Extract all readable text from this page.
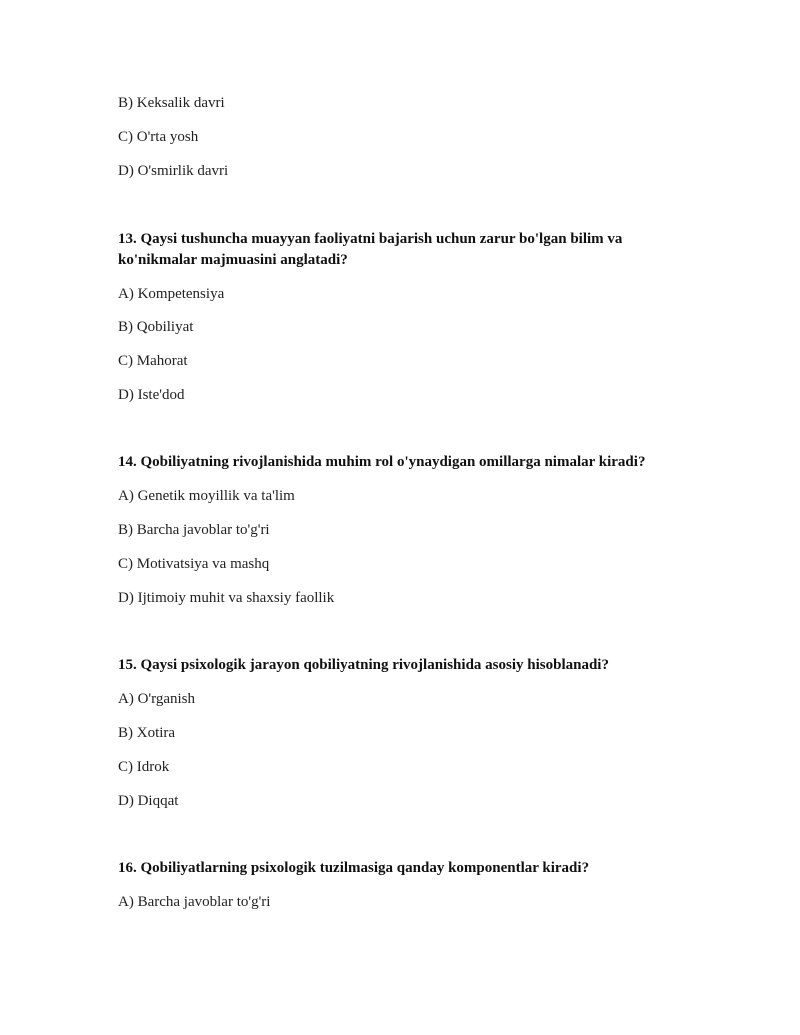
B) Keksalik davri
C) O'rta yosh
D) O'smirlik davri
13. Qaysi tushuncha muayyan faoliyatni bajarish uchun zarur bo'lgan bilim va ko'nikmalar majmuasini anglatadi?
A) Kompetensiya
B) Qobiliyat
C) Mahorat
D) Iste'dod
14. Qobiliyatning rivojlanishida muhim rol o'ynaydigan omillarga nimalar kiradi?
A) Genetik moyillik va ta'lim
B) Barcha javoblar to'g'ri
C) Motivatsiya va mashq
D) Ijtimoiy muhit va shaxsiy faollik
15. Qaysi psixologik jarayon qobiliyatning rivojlanishida asosiy hisoblanadi?
A) O'rganish
B) Xotira
C) Idrok
D) Diqqat
16. Qobiliyatlarning psixologik tuzilmasiga qanday komponentlar kiradi?
A) Barcha javoblar to'g'ri
